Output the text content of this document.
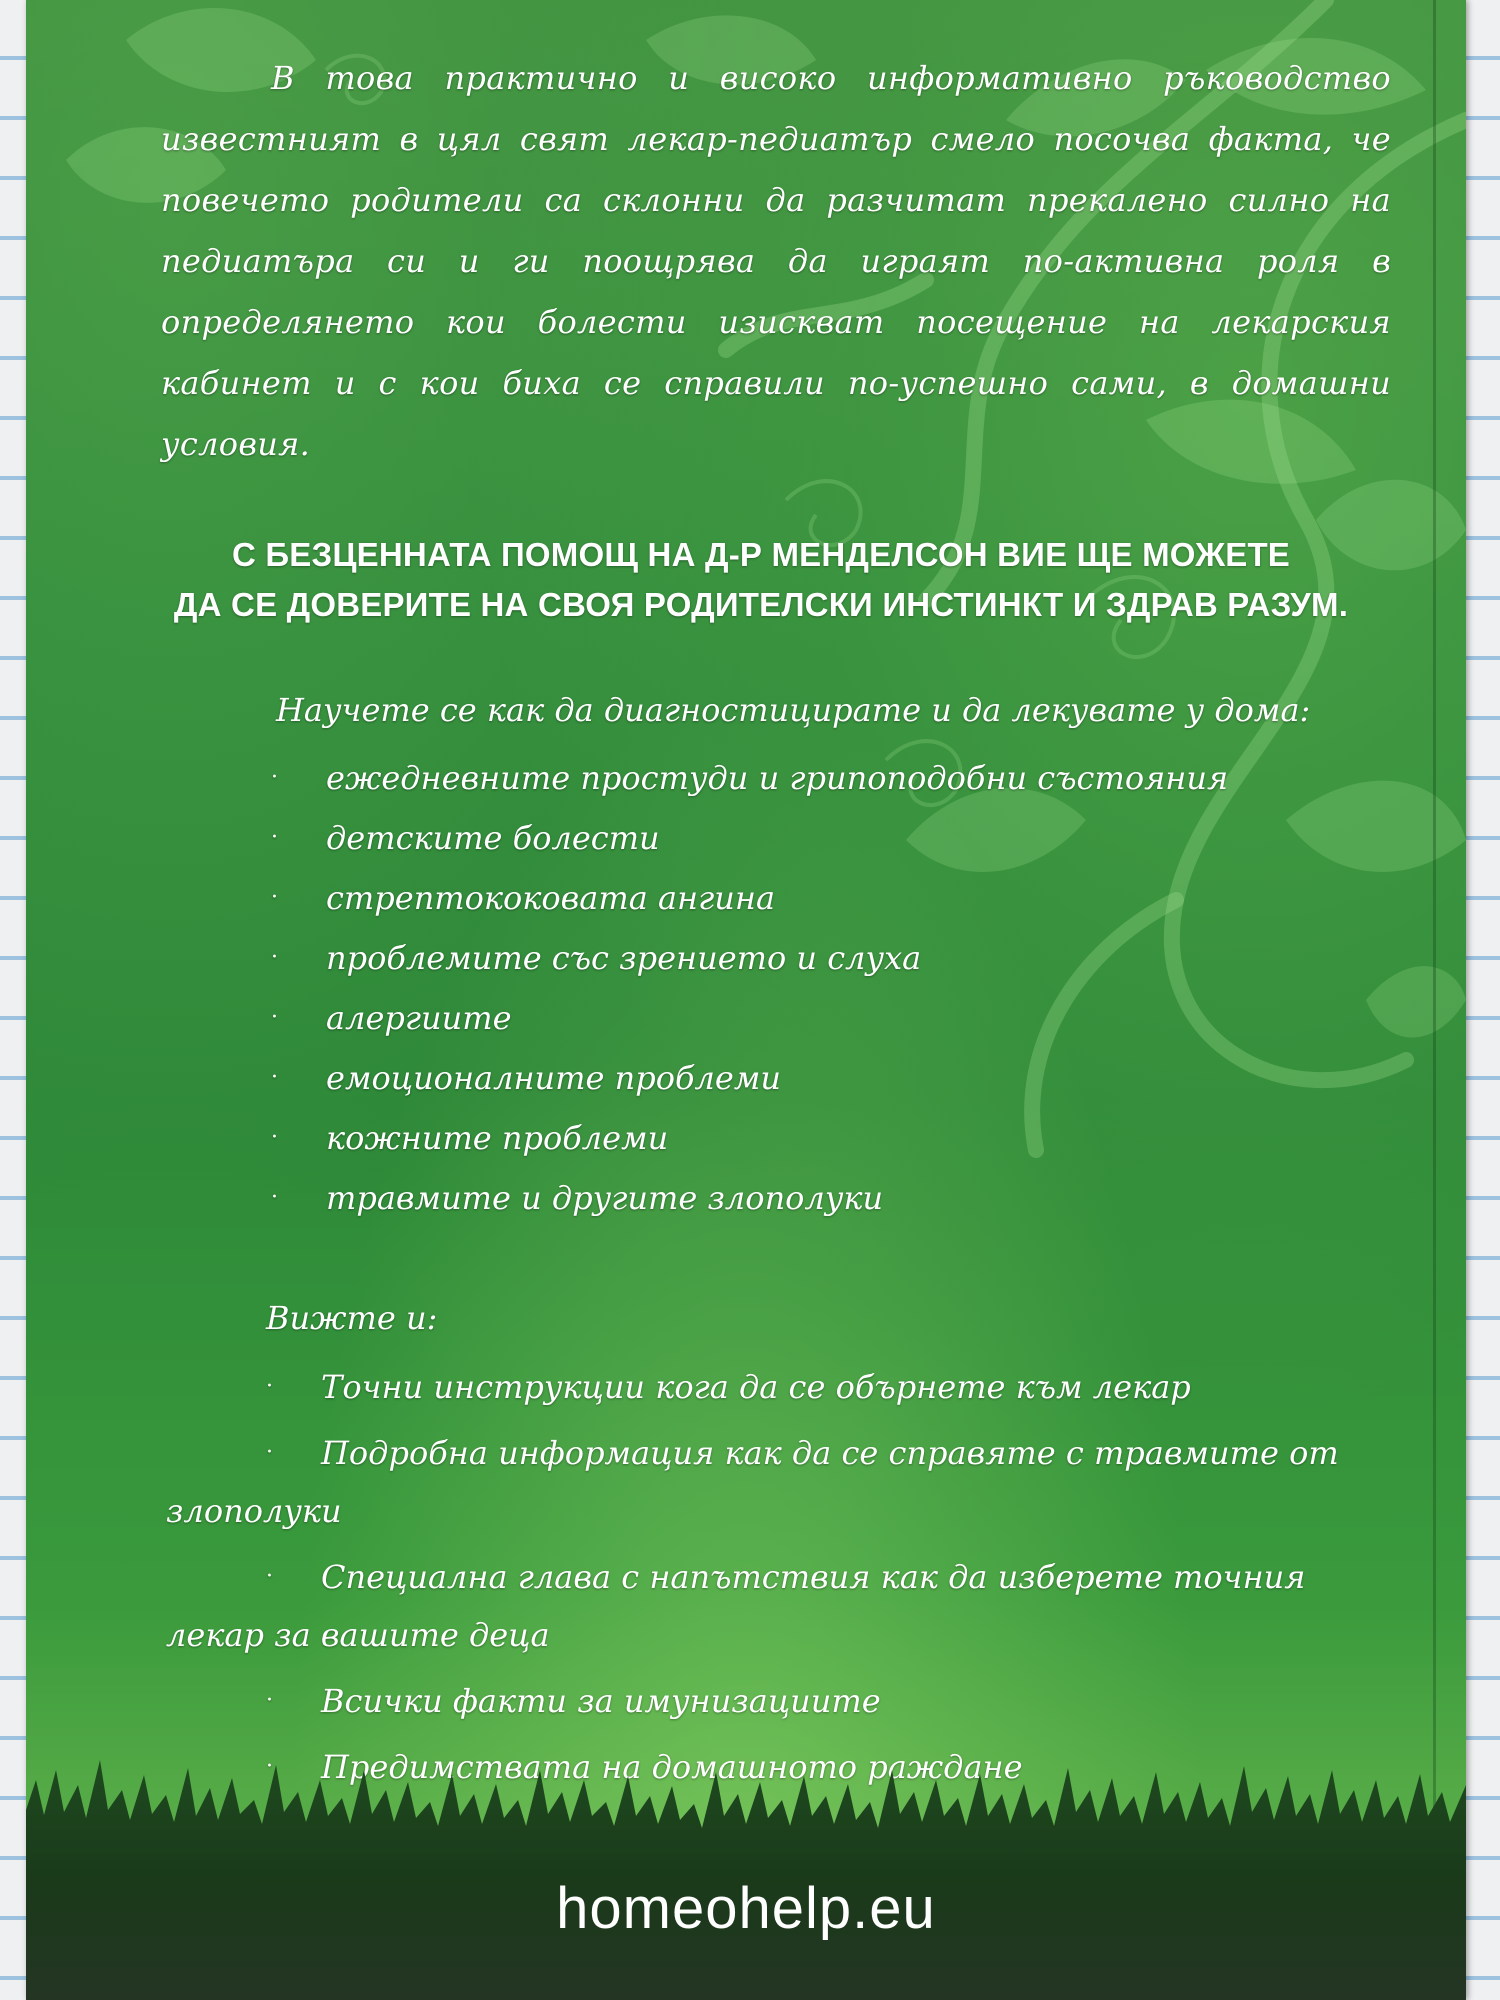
В това практично и високо информативно ръководство известният в цял свят лекар-педиатър смело посочва факта, че повечето родители са склонни да разчитат прекалено силно на педиатъра си и ги поощрява да играят по-активна роля в определянето кои болести изискват посещение на лекарския кабинет и с кои биха се справили по-успешно сами, в домашни условия.

С БЕЗЦЕННАТА ПОМОЩ НА Д-Р МЕНДЕЛСОН ВИЕ ЩЕ МОЖЕТЕ
ДА СЕ ДОВЕРИТЕ НА СВОЯ РОДИТЕЛСКИ ИНСТИНКТ И ЗДРАВ РАЗУМ.
Научете се как да диагностицирате и да лекувате у дома:
· ежедневните простуди и грипоподобни състояния
· детските болести
· стрептококовата ангина
· проблемите със зрението и слуха
· алергиите
· емоционалните проблеми
· кожните проблеми
· травмите и другите злополуки
Вижте и:
· Точни инструкции кога да се обърнете към лекар
· Подробна информация как да се справяте с травмите от злополуки
· Специална глава с напътствия как да изберете точния лекар за вашите деца
· Всички факти за имунизациите
· Предимствата на домашното раждане
homeohelp.eu
